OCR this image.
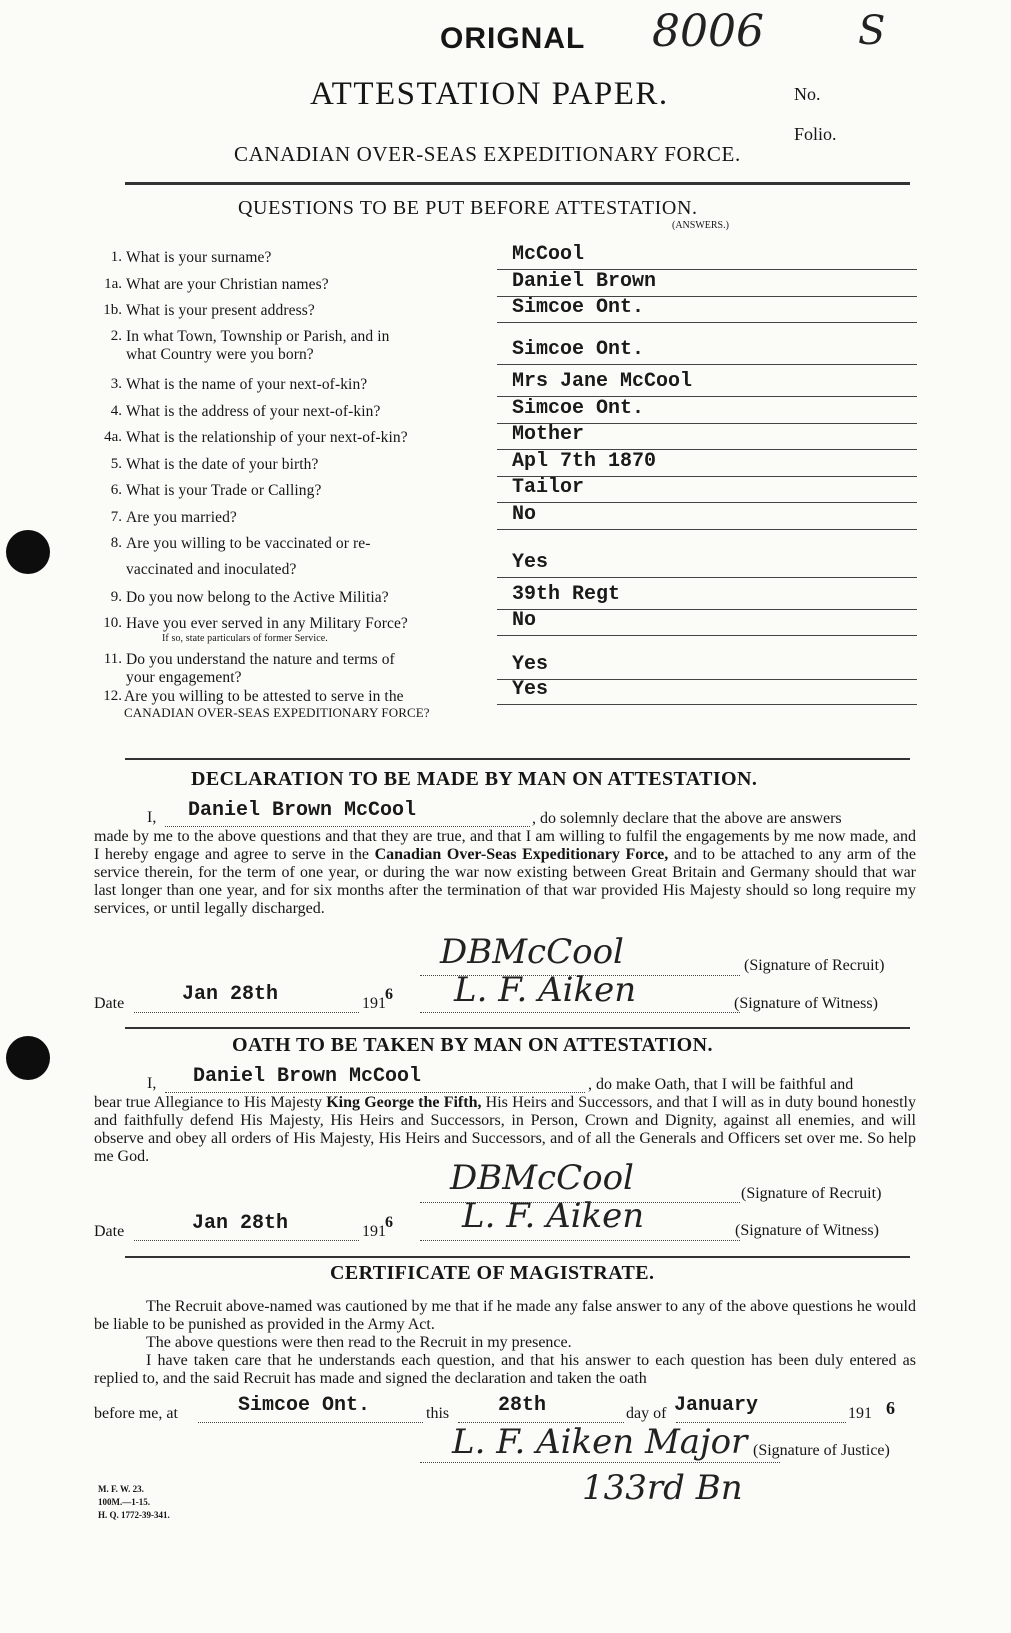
ORIGNAL 8006 S
ATTESTATION PAPER.	No.
Folio.
CANADIAN OVER-SEAS EXPEDITIONARY FORCE.
QUESTIONS TO BE PUT BEFORE ATTESTATION.
(ANSWERS.)
1. What is your surname?	McCool
1a. What are your Christian names?	Daniel Brown
1b. What is your present address?	Simcoe Ont.
2. In what Town, Township or Parish, and in
what Country were you born?	Simcoe Ont.
3. What is the name of your next-of-kin?	Mrs Jane McCool
4. What is the address of your next-of-kin?	Simcoe Ont.
4a. What is the relationship of your next-of-kin?	Mother
5. What is the date of your birth?	Apl 7th 1870
6. What is your Trade or Calling?	Tailor
7. Are you married?	No
8. Are you willing to be vaccinated or re-
vaccinated and inoculated?	Yes
9. Do you now belong to the Active Militia?	39th Regt
10. Have you ever served in any Military Force?
If so, state particulars of former Service.
No
11. Do you understand the nature and terms of
your engagement?
Yes
12. Are you willing to be attested to serve in the
CANADIAN OVER-SEAS EXPEDITIONARY FORCE?
Yes
DECLARATION TO BE MADE BY MAN ON ATTESTATION.
I, Daniel Brown McCool	, do solemnly declare that the above are answers
made by me to the above questions and that they are true, and that I am willing to fulfil the engagements by me now made, and I hereby engage and agree to serve in the Canadian Over-Seas Expeditionary Force, and to be attached to any arm of the service therein, for the term of one year, or during the war now existing between Great Britain and Germany should that war last longer than one year, and for six months after the termination of that war provided His Majesty should so long require my services, or until legally discharged.
DBMcCool	(Signature of Recruit)
Date	Jan 28th	191
6 L. F. Aiken	(Signature of Witness)
OATH TO BE TAKEN BY MAN ON ATTESTATION.
I, Daniel Brown McCool	, do make Oath, that I will be faithful and
bear true Allegiance to His Majesty King George the Fifth, His Heirs and Successors, and that I will as in duty bound honestly and faithfully defend His Majesty, His Heirs and Successors, in Person, Crown and Dignity, against all enemies, and will observe and obey all orders of His Majesty, His Heirs and Successors, and of all the Generals and Officers set over me. So help me God.
DBMcCool	(Signature of Recruit)
Date	Jan 28th	191
6 L. F. Aiken	(Signature of Witness)
CERTIFICATE OF MAGISTRATE.
The Recruit above-named was cautioned by me that if he made any false answer to any of the above questions he would be liable to be punished as provided in the Army Act.
The above questions were then read to the Recruit in my presence.
I have taken care that he understands each question, and that his answer to each question has been duly entered as replied to, and the said Recruit has made and signed the declaration and taken the oath
before me, at	Simcoe Ont.	this 28th	day of January	191 6
L. F. Aiken Major
133rd Bn
(Signature of Justice)
M. F. W. 23.
100M.—1-15.
H. Q. 1772-39-341.
